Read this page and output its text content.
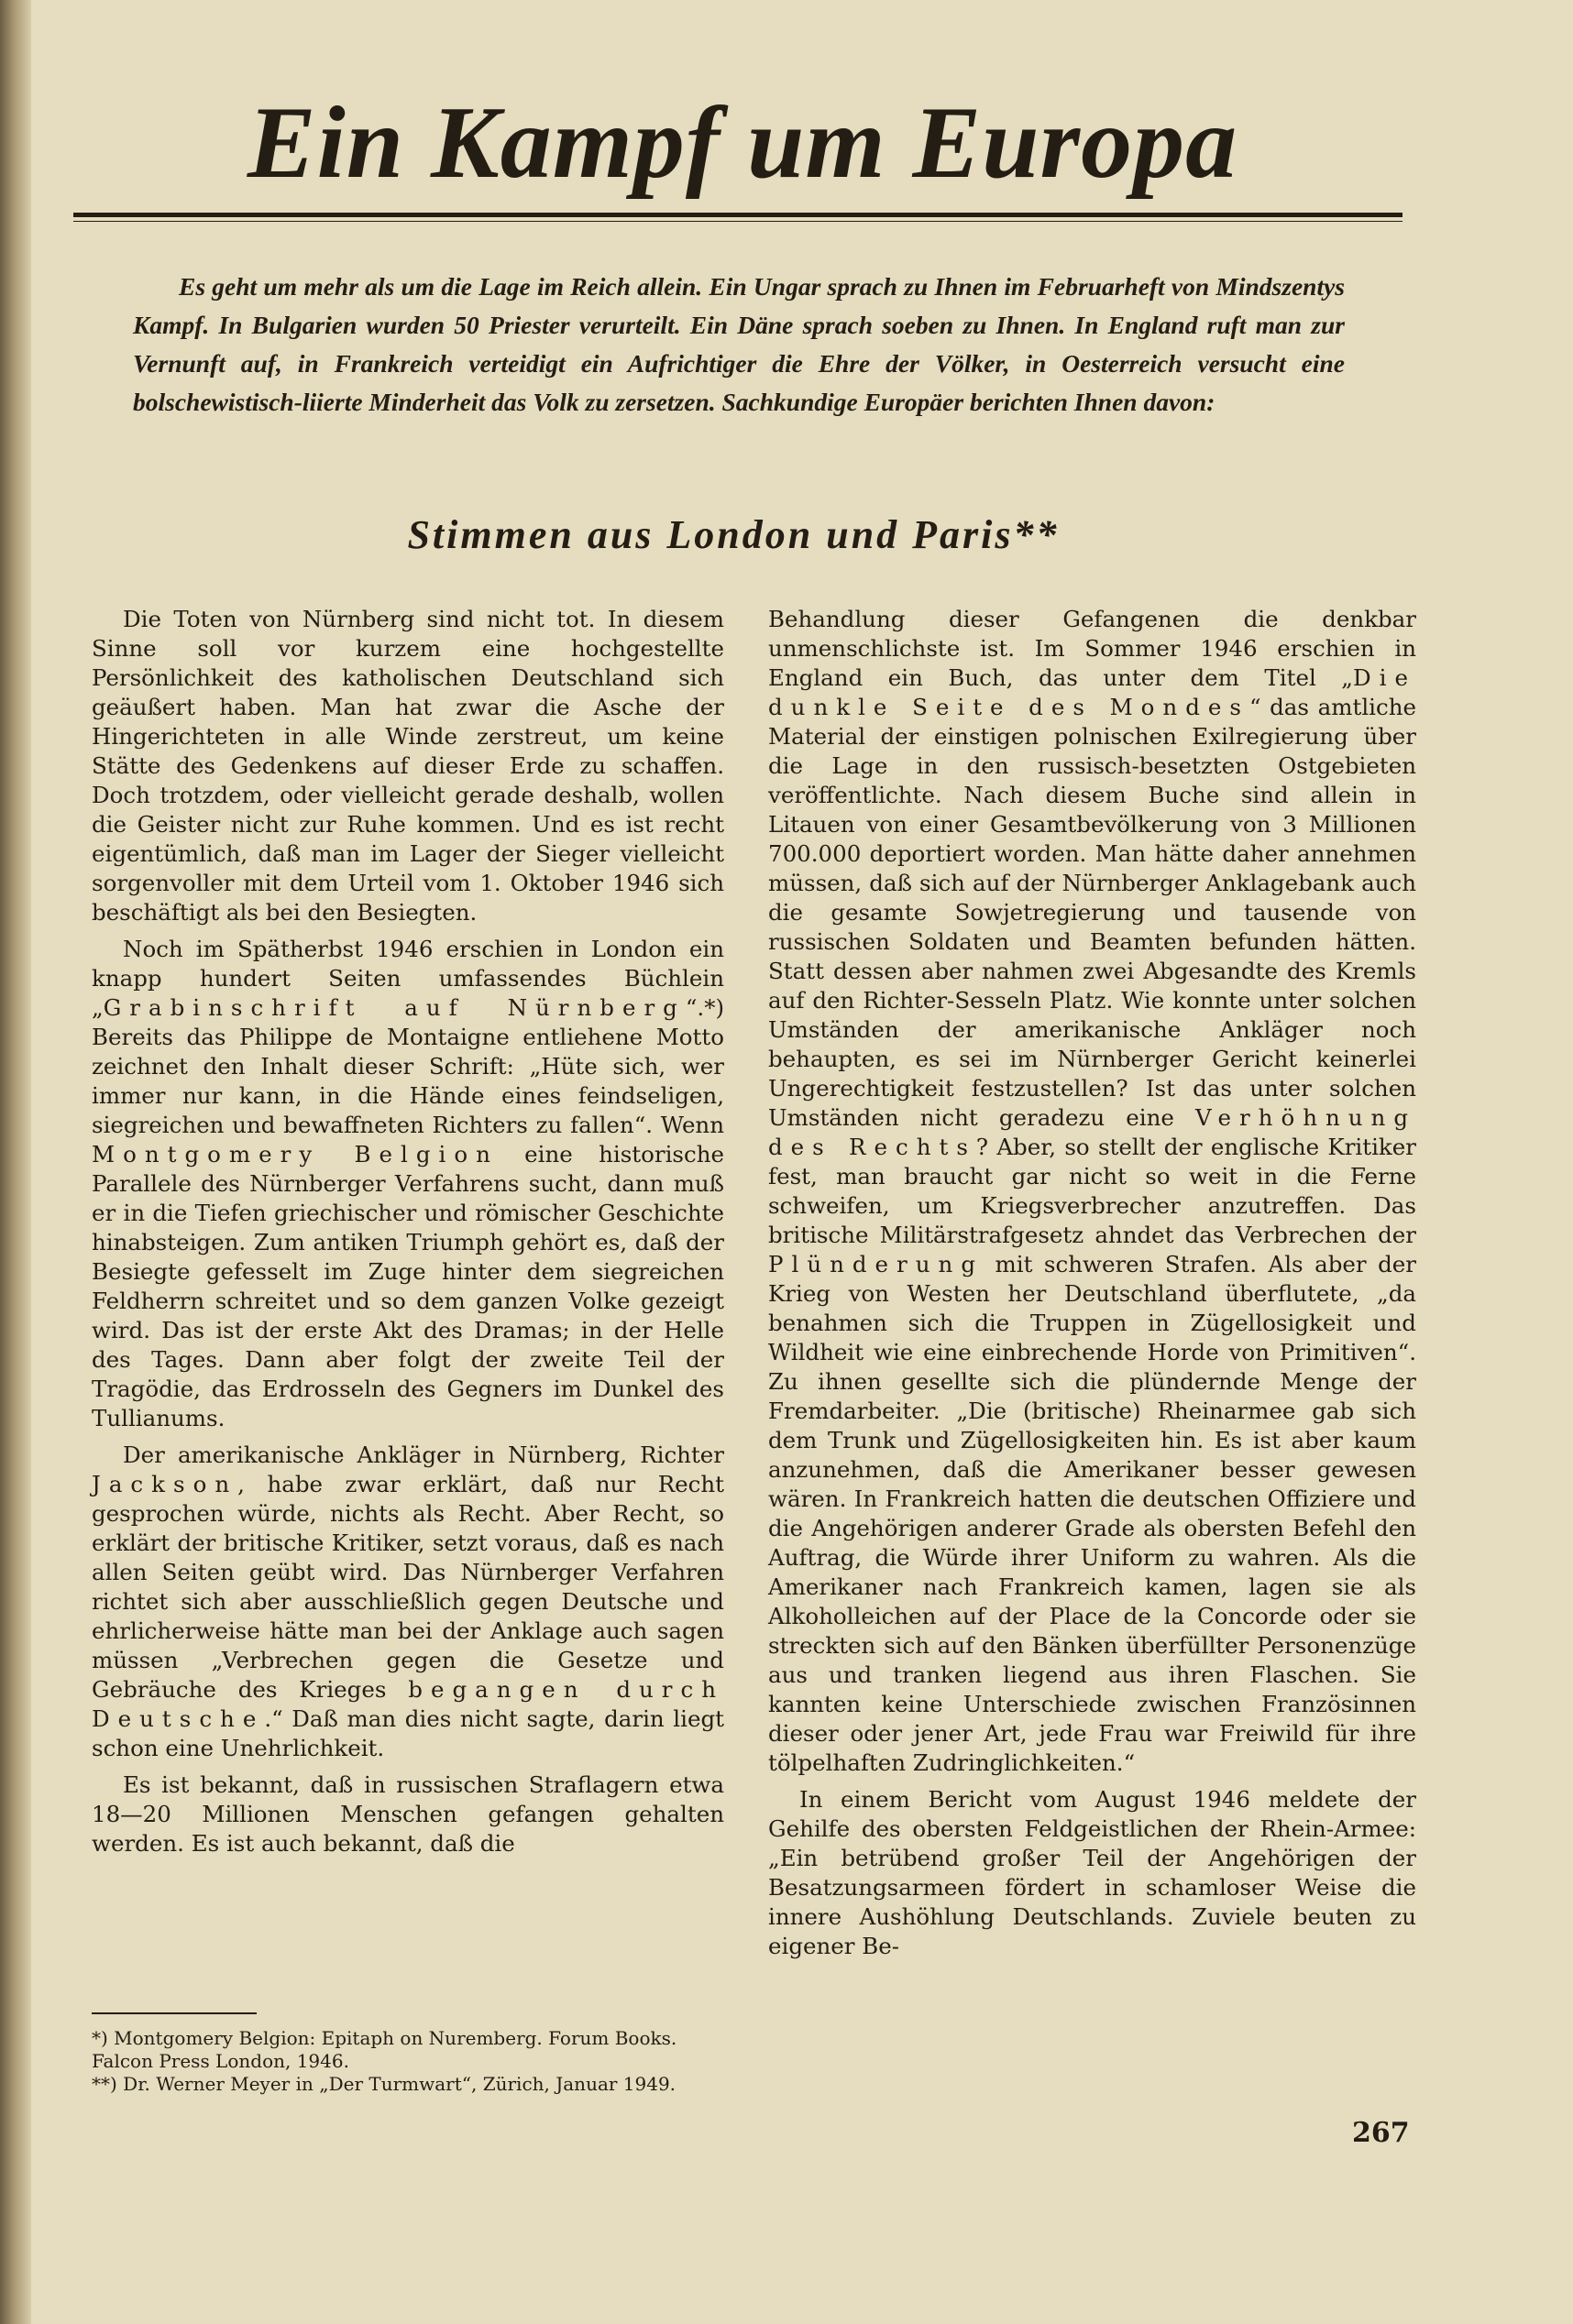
Ein Kampf um Europa

Es geht um mehr als um die Lage im Reich allein. Ein Ungar sprach zu Ihnen im Februarheft von Mindszentys Kampf. In Bulgarien wurden 50 Priester verurteilt. Ein Däne sprach soeben zu Ihnen. In England ruft man zur Vernunft auf, in Frankreich verteidigt ein Aufrichtiger die Ehre der Völker, in Oesterreich versucht eine bolschewistisch-liierte Minderheit das Volk zu zersetzen. Sachkundige Europäer berichten Ihnen davon:

Stimmen aus London und Paris**

Die Toten von Nürnberg sind nicht tot. In diesem Sinne soll vor kurzem eine hochgestellte Persönlichkeit des katholischen Deutschland sich geäußert haben. Man hat zwar die Asche der Hingerichteten in alle Winde zerstreut, um keine Stätte des Gedenkens auf dieser Erde zu schaffen. Doch trotzdem, oder vielleicht gerade deshalb, wollen die Geister nicht zur Ruhe kommen. Und es ist recht eigentümlich, daß man im Lager der Sieger vielleicht sorgenvoller mit dem Urteil vom 1. Oktober 1946 sich beschäftigt als bei den Besiegten.

Noch im Spätherbst 1946 erschien in London ein knapp hundert Seiten umfassendes Büchlein „Grabinschrift auf Nürnberg“.*) Bereits das Philippe de Montaigne entliehene Motto zeichnet den Inhalt dieser Schrift: „Hüte sich, wer immer nur kann, in die Hände eines feindseligen, siegreichen und bewaffneten Richters zu fallen“. Wenn Montgomery Belgion eine historische Parallele des Nürnberger Verfahrens sucht, dann muß er in die Tiefen griechischer und römischer Geschichte hinabsteigen. Zum antiken Triumph gehört es, daß der Besiegte gefesselt im Zuge hinter dem siegreichen Feldherrn schreitet und so dem ganzen Volke gezeigt wird. Das ist der erste Akt des Dramas; in der Helle des Tages. Dann aber folgt der zweite Teil der Tragödie, das Erdrosseln des Gegners im Dunkel des Tullianums.

Der amerikanische Ankläger in Nürnberg, Richter Jackson, habe zwar erklärt, daß nur Recht gesprochen würde, nichts als Recht. Aber Recht, so erklärt der britische Kritiker, setzt voraus, daß es nach allen Seiten geübt wird. Das Nürnberger Verfahren richtet sich aber ausschließlich gegen Deutsche und ehrlicherweise hätte man bei der Anklage auch sagen müssen „Verbrechen gegen die Gesetze und Gebräuche des Krieges begangen durch Deutsche.“ Daß man dies nicht sagte, darin liegt schon eine Unehrlichkeit.

Es ist bekannt, daß in russischen Straflagern etwa 18—20 Millionen Menschen gefangen gehalten werden. Es ist auch bekannt, daß die

*) Montgomery Belgion: Epitaph on Nuremberg. Forum Books. Falcon Press London, 1946.
**) Dr. Werner Meyer in „Der Turmwart“, Zürich, Januar 1949.

Behandlung dieser Gefangenen die denkbar unmenschlichste ist. Im Sommer 1946 erschien in England ein Buch, das unter dem Titel „Die dunkle Seite des Mondes“ das amtliche Material der einstigen polnischen Exilregierung über die Lage in den russisch-besetzten Ostgebieten veröffentlichte. Nach diesem Buche sind allein in Litauen von einer Gesamtbevölkerung von 3 Millionen 700.000 deportiert worden. Man hätte daher annehmen müssen, daß sich auf der Nürnberger Anklagebank auch die gesamte Sowjetregierung und tausende von russischen Soldaten und Beamten befunden hätten. Statt dessen aber nahmen zwei Abgesandte des Kremls auf den Richter-Sesseln Platz. Wie konnte unter solchen Umständen der amerikanische Ankläger noch behaupten, es sei im Nürnberger Gericht keinerlei Ungerechtigkeit festzustellen? Ist das unter solchen Umständen nicht geradezu eine Verhöhnung des Rechts? Aber, so stellt der englische Kritiker fest, man braucht gar nicht so weit in die Ferne schweifen, um Kriegsverbrecher anzutreffen. Das britische Militärstrafgesetz ahndet das Verbrechen der Plünderung mit schweren Strafen. Als aber der Krieg von Westen her Deutschland überflutete, „da benahmen sich die Truppen in Zügellosigkeit und Wildheit wie eine einbrechende Horde von Primitiven“. Zu ihnen gesellte sich die plündernde Menge der Fremdarbeiter. „Die (britische) Rheinarmee gab sich dem Trunk und Zügellosigkeiten hin. Es ist aber kaum anzunehmen, daß die Amerikaner besser gewesen wären. In Frankreich hatten die deutschen Offiziere und die Angehörigen anderer Grade als obersten Befehl den Auftrag, die Würde ihrer Uniform zu wahren. Als die Amerikaner nach Frankreich kamen, lagen sie als Alkoholleichen auf der Place de la Concorde oder sie streckten sich auf den Bänken überfüllter Personenzüge aus und tranken liegend aus ihren Flaschen. Sie kannten keine Unterschiede zwischen Französinnen dieser oder jener Art, jede Frau war Freiwild für ihre tölpelhaften Zudringlichkeiten.“

In einem Bericht vom August 1946 meldete der Gehilfe des obersten Feldgeistlichen der Rhein-Armee: „Ein betrübend großer Teil der Angehörigen der Besatzungsarmeen fördert in schamloser Weise die innere Aushöhlung Deutschlands. Zuviele beuten zu eigener Be-

267
